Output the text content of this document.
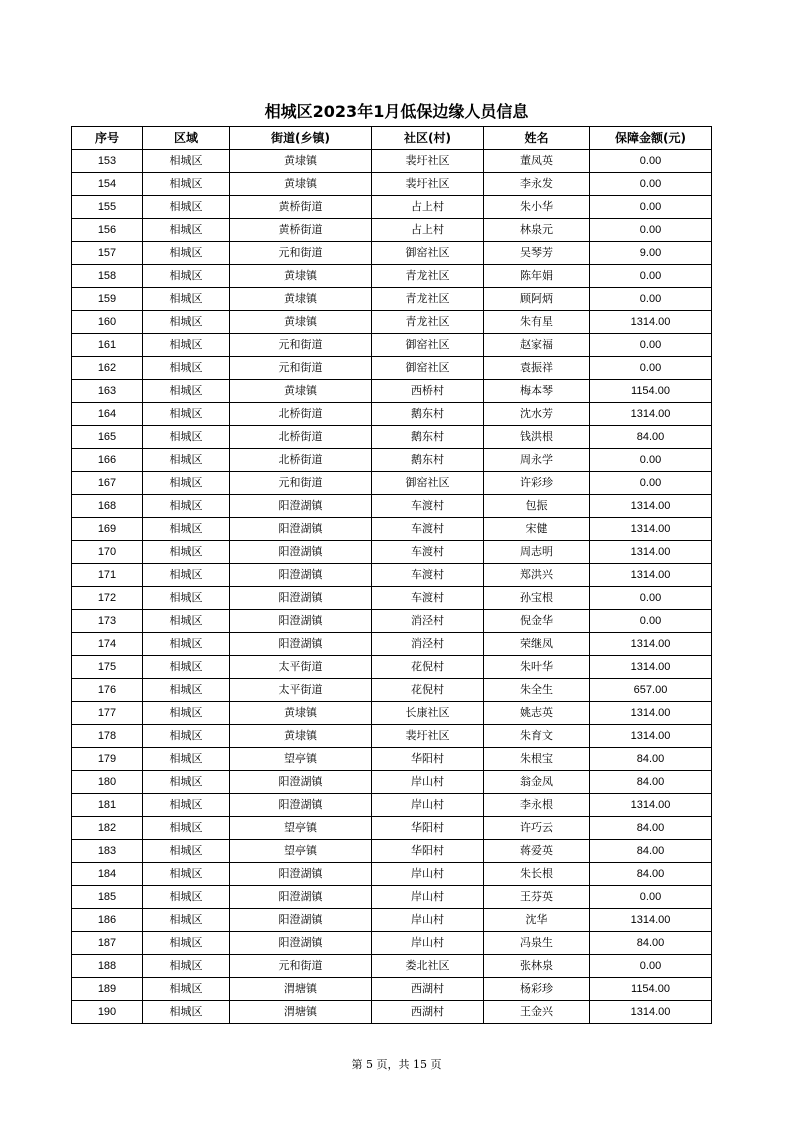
相城区2023年1月低保边缘人员信息
序号	区域	街道(乡镇)	社区(村)	姓名	保障金额(元)
153	相城区	黄埭镇	裴圩社区	董凤英	0.00
154	相城区	黄埭镇	裴圩社区	李永发	0.00
155	相城区	黄桥街道	占上村	朱小华	0.00
156	相城区	黄桥街道	占上村	林泉元	0.00
157	相城区	元和街道	御窑社区	吴琴芳	9.00
158	相城区	黄埭镇	青龙社区	陈年娟	0.00
159	相城区	黄埭镇	青龙社区	顾阿炳	0.00
160	相城区	黄埭镇	青龙社区	朱有星	1314.00
161	相城区	元和街道	御窑社区	赵家福	0.00
162	相城区	元和街道	御窑社区	袁振祥	0.00
163	相城区	黄埭镇	西桥村	梅本琴	1154.00
164	相城区	北桥街道	鹅东村	沈水芳	1314.00
165	相城区	北桥街道	鹅东村	钱洪根	84.00
166	相城区	北桥街道	鹅东村	周永学	0.00
167	相城区	元和街道	御窑社区	许彩珍	0.00
168	相城区	阳澄湖镇	车渡村	包振	1314.00
169	相城区	阳澄湖镇	车渡村	宋健	1314.00
170	相城区	阳澄湖镇	车渡村	周志明	1314.00
171	相城区	阳澄湖镇	车渡村	郑洪兴	1314.00
172	相城区	阳澄湖镇	车渡村	孙宝根	0.00
173	相城区	阳澄湖镇	消泾村	倪金华	0.00
174	相城区	阳澄湖镇	消泾村	荣继凤	1314.00
175	相城区	太平街道	花倪村	朱叶华	1314.00
176	相城区	太平街道	花倪村	朱全生	657.00
177	相城区	黄埭镇	长康社区	姚志英	1314.00
178	相城区	黄埭镇	裴圩社区	朱育文	1314.00
179	相城区	望亭镇	华阳村	朱根宝	84.00
180	相城区	阳澄湖镇	岸山村	翁金凤	84.00
181	相城区	阳澄湖镇	岸山村	李永根	1314.00
182	相城区	望亭镇	华阳村	许巧云	84.00
183	相城区	望亭镇	华阳村	蒋爱英	84.00
184	相城区	阳澄湖镇	岸山村	朱长根	84.00
185	相城区	阳澄湖镇	岸山村	王芬英	0.00
186	相城区	阳澄湖镇	岸山村	沈华	1314.00
187	相城区	阳澄湖镇	岸山村	冯泉生	84.00
188	相城区	元和街道	娄北社区	张林泉	0.00
189	相城区	渭塘镇	西湖村	杨彩珍	1154.00
190	相城区	渭塘镇	西湖村	王金兴	1314.00
第 5 页，共 15 页
